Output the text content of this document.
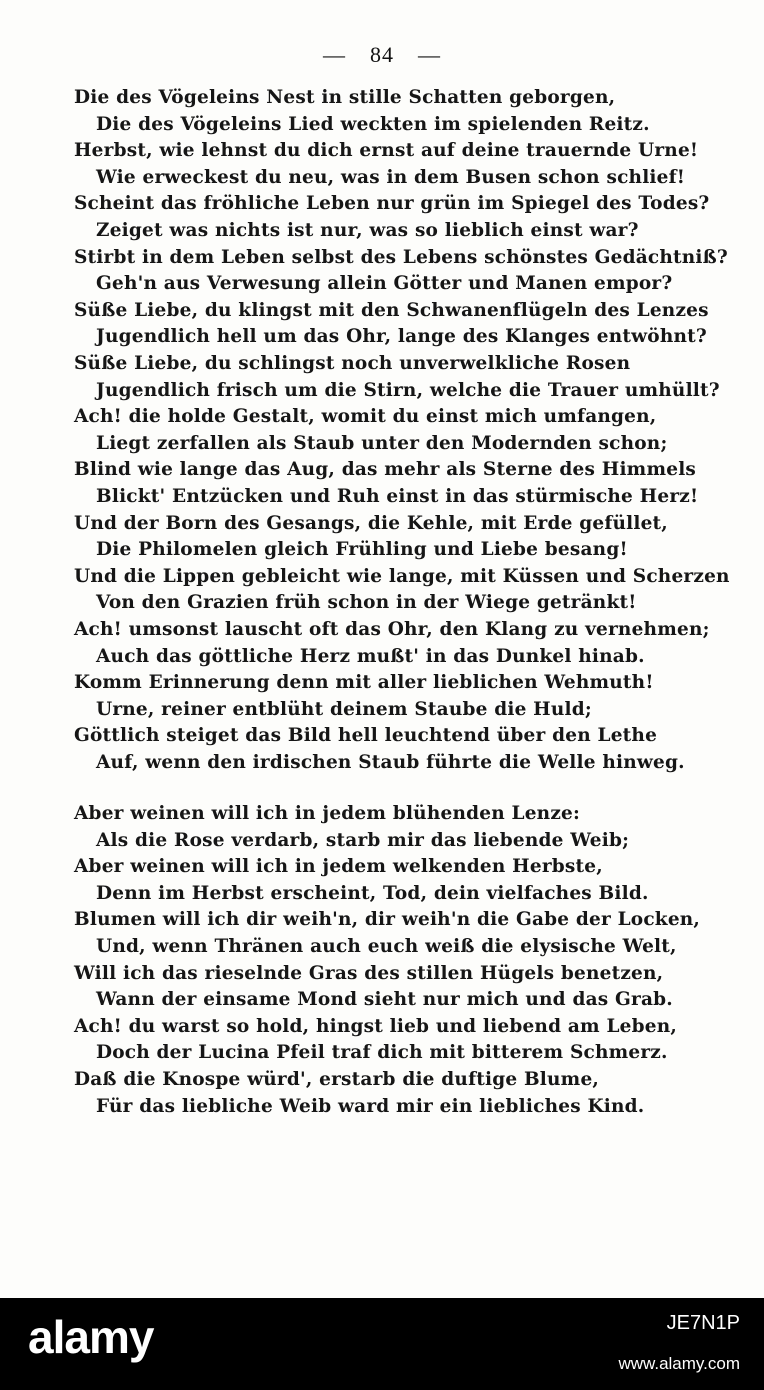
— 84 —
Die des Vögeleins Nest in stille Schatten geborgen,
Die des Vögeleins Lied weckten im spielenden Reitz.
Herbst, wie lehnst du dich ernst auf deine trauernde Urne!
Wie erweckest du neu, was in dem Busen schon schlief!
Scheint das fröhliche Leben nur grün im Spiegel des Todes?
Zeiget was nichts ist nur, was so lieblich einst war?
Stirbt in dem Leben selbst des Lebens schönstes Gedächtniß?
Geh'n aus Verwesung allein Götter und Manen empor?
Süße Liebe, du klingst mit den Schwanenflügeln des Lenzes
Jugendlich hell um das Ohr, lange des Klanges entwöhnt?
Süße Liebe, du schlingst noch unverwelkliche Rosen
Jugendlich frisch um die Stirn, welche die Trauer umhüllt?
Ach! die holde Gestalt, womit du einst mich umfangen,
Liegt zerfallen als Staub unter den Modernden schon;
Blind wie lange das Aug, das mehr als Sterne des Himmels
Blickt' Entzücken und Ruh einst in das stürmische Herz!
Und der Born des Gesangs, die Kehle, mit Erde gefüllet,
Die Philomelen gleich Frühling und Liebe besang!
Und die Lippen gebleicht wie lange, mit Küssen und Scherzen
Von den Grazien früh schon in der Wiege getränkt!
Ach! umsonst lauscht oft das Ohr, den Klang zu vernehmen;
Auch das göttliche Herz mußt' in das Dunkel hinab.
Komm Erinnerung denn mit aller lieblichen Wehmuth!
Urne, reiner entblüht deinem Staube die Huld;
Göttlich steiget das Bild hell leuchtend über den Lethe
Auf, wenn den irdischen Staub führte die Welle hinweg.
Aber weinen will ich in jedem blühenden Lenze:
Als die Rose verdarb, starb mir das liebende Weib;
Aber weinen will ich in jedem welkenden Herbste,
Denn im Herbst erscheint, Tod, dein vielfaches Bild.
Blumen will ich dir weih'n, dir weih'n die Gabe der Locken,
Und, wenn Thränen auch euch weiß die elysische Welt,
Will ich das rieselnde Gras des stillen Hügels benetzen,
Wann der einsame Mond sieht nur mich und das Grab.
Ach! du warst so hold, hingst lieb und liebend am Leben,
Doch der Lucina Pfeil traf dich mit bitterem Schmerz.
Daß die Knospe würd', erstarb die duftige Blume,
Für das liebliche Weib ward mir ein liebliches Kind.
alamy	JE7N1P
www.alamy.com
